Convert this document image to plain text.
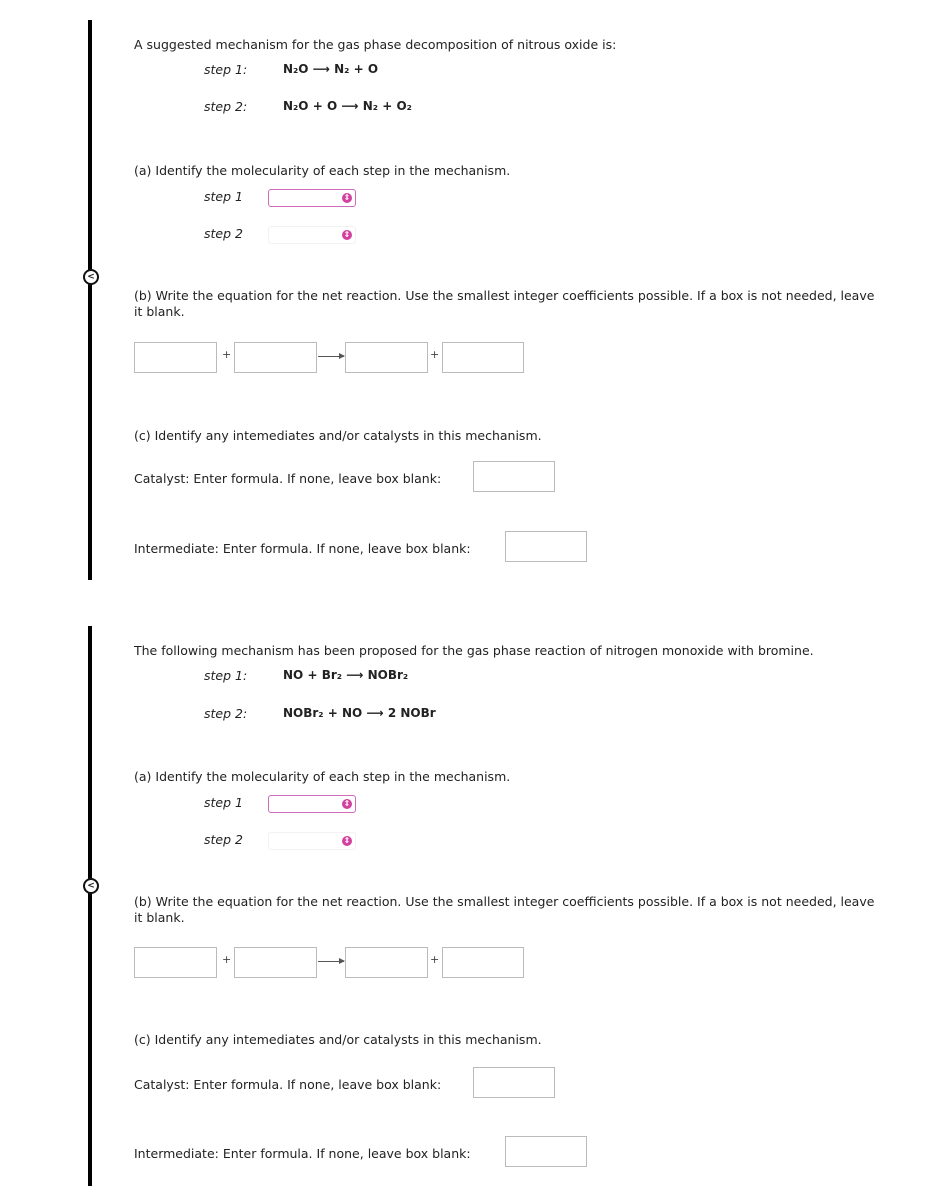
<
A suggested mechanism for the gas phase decomposition of nitrous oxide is:
step 1:	N₂O ⟶ N₂ + O
step 2:	N₂O + O ⟶ N₂ + O₂
(a) Identify the molecularity of each step in the mechanism.
step 1	⇕
step 2	⇕
(b) Write the equation for the net reaction. Use the smallest integer coefficients possible. If a box is not needed, leave
it blank.
+	+
(c) Identify any intemediates and/or catalysts in this mechanism.
Catalyst: Enter formula. If none, leave box blank:
Intermediate: Enter formula. If none, leave box blank:
<
The following mechanism has been proposed for the gas phase reaction of nitrogen monoxide with bromine.
step 1:	NO + Br₂ ⟶ NOBr₂
step 2:	NOBr₂ + NO ⟶ 2 NOBr
(a) Identify the molecularity of each step in the mechanism.
step 1	⇕
step 2	⇕
(b) Write the equation for the net reaction. Use the smallest integer coefficients possible. If a box is not needed, leave
it blank.
+	+
(c) Identify any intemediates and/or catalysts in this mechanism.
Catalyst: Enter formula. If none, leave box blank:
Intermediate: Enter formula. If none, leave box blank:
